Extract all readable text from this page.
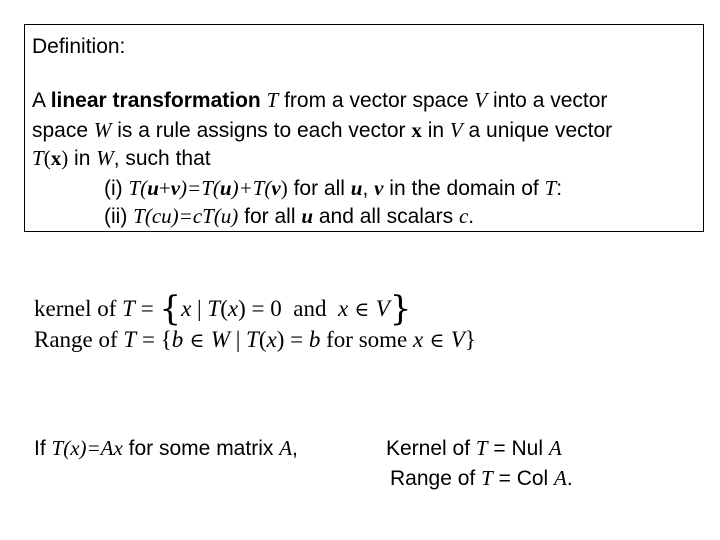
Definition:
A linear transformation T from a vector space V into a vector
space W is a rule assigns to each vector x in V a unique vector
T(x) in W, such that
(i) T(u+v)=T(u)+T(v) for all u, v in the domain of T:
(ii) T(cu)=cT(u) for all u and all scalars c.
kernel of T = {x | T(x) = 0  and  x ∈ V}
Range of T = {b ∈ W | T(x) = b for some x ∈ V}
If T(x)=Ax for some matrix A,	Kernel of T = Nul A
Range of T = Col A.
